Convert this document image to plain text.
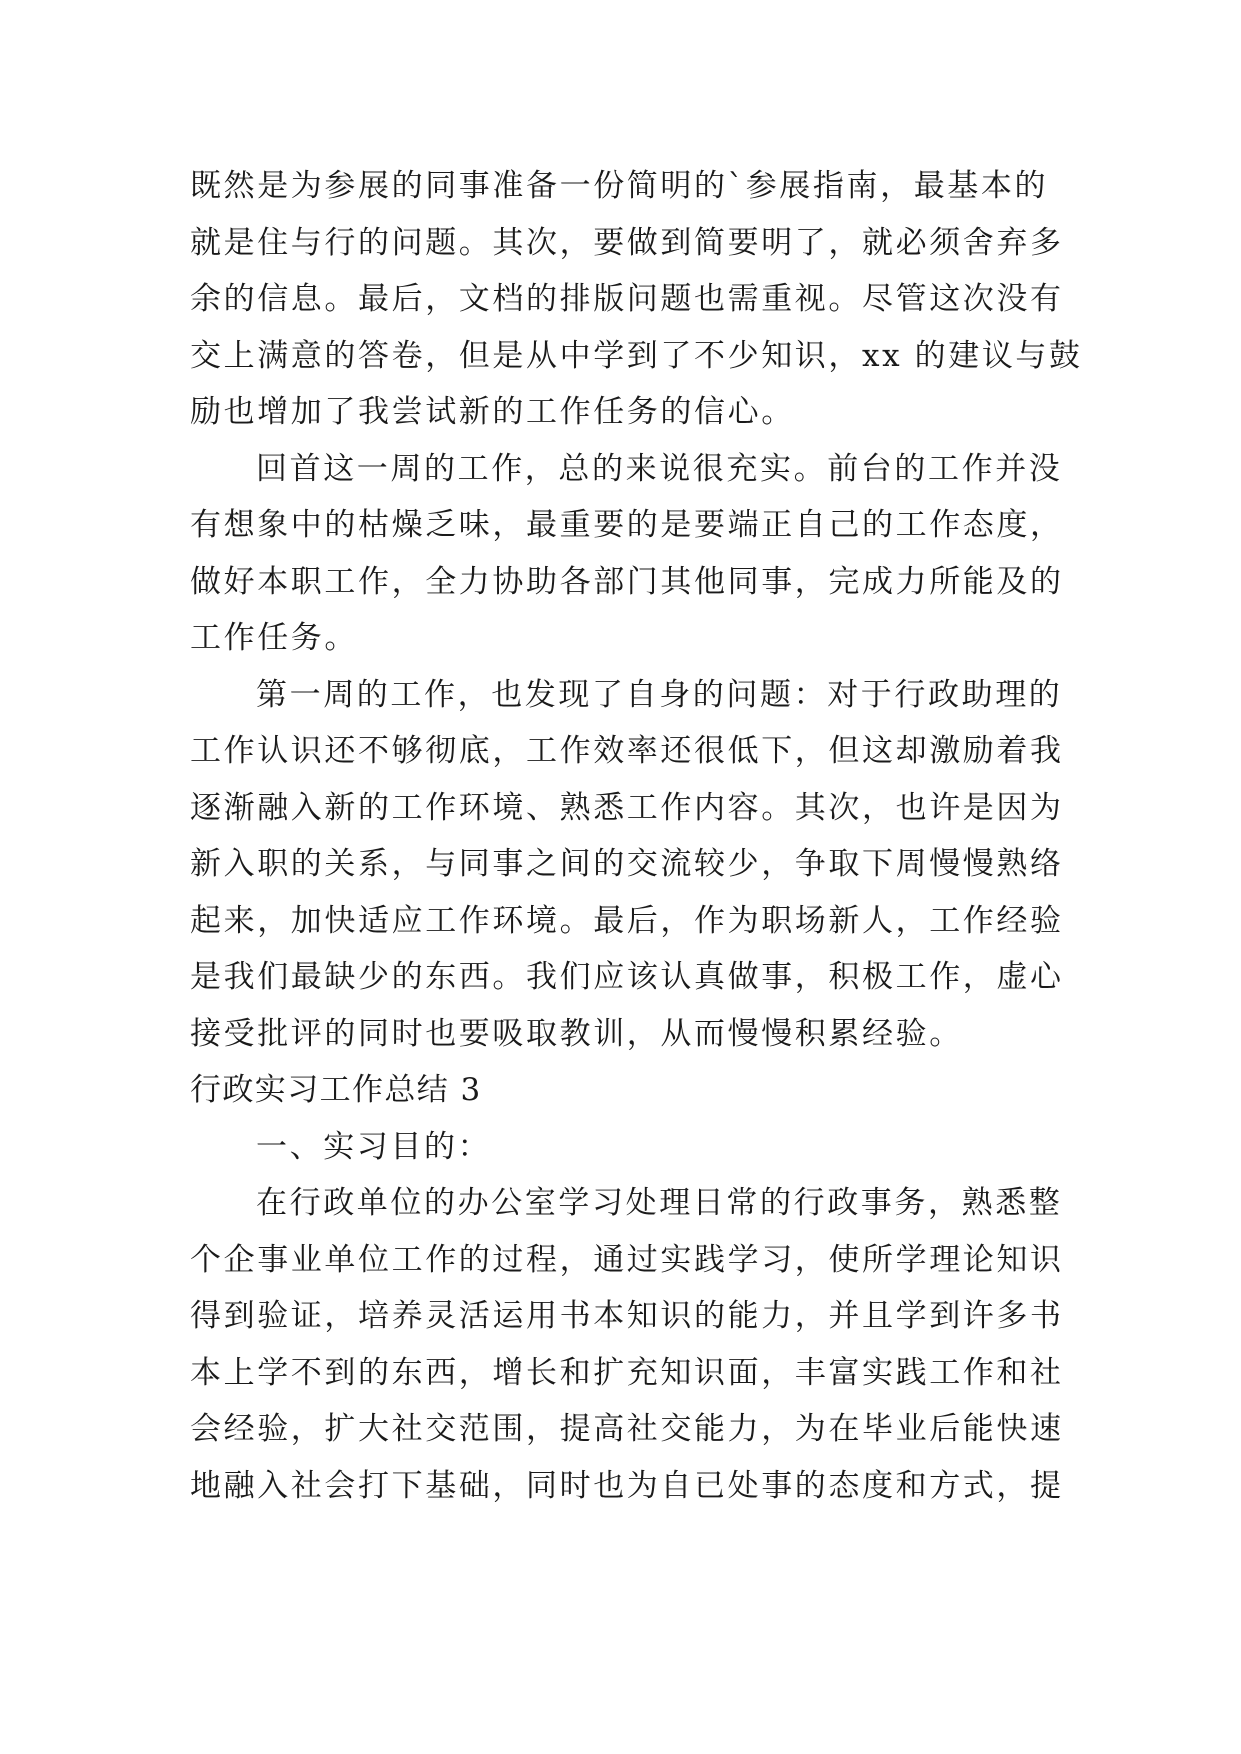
既然是为参展的同事准备一份简明的`参展指南，最基本的
就是住与行的问题。其次，要做到简要明了，就必须舍弃多
余的信息。最后，文档的排版问题也需重视。尽管这次没有
交上满意的答卷，但是从中学到了不少知识，xx 的建议与鼓
励也增加了我尝试新的工作任务的信心。
回首这一周的工作，总的来说很充实。前台的工作并没
有想象中的枯燥乏味，最重要的是要端正自己的工作态度，
做好本职工作，全力协助各部门其他同事，完成力所能及的
工作任务。
第一周的工作，也发现了自身的问题：对于行政助理的
工作认识还不够彻底，工作效率还很低下，但这却激励着我
逐渐融入新的工作环境、熟悉工作内容。其次，也许是因为
新入职的关系，与同事之间的交流较少，争取下周慢慢熟络
起来，加快适应工作环境。最后，作为职场新人，工作经验
是我们最缺少的东西。我们应该认真做事，积极工作，虚心
接受批评的同时也要吸取教训，从而慢慢积累经验。
行政实习工作总结 3
一、实习目的：
在行政单位的办公室学习处理日常的行政事务，熟悉整
个企事业单位工作的过程，通过实践学习，使所学理论知识
得到验证，培养灵活运用书本知识的能力，并且学到许多书
本上学不到的东西，增长和扩充知识面，丰富实践工作和社
会经验，扩大社交范围，提高社交能力，为在毕业后能快速
地融入社会打下基础，同时也为自已处事的态度和方式，提
